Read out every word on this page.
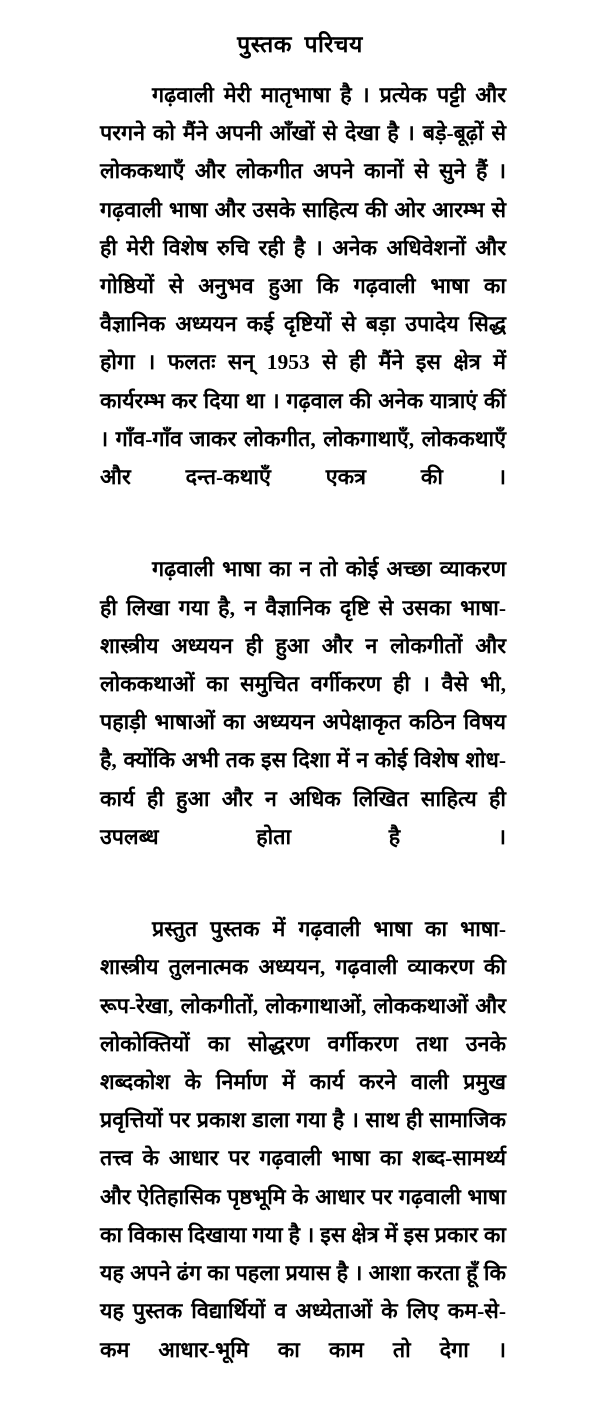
पुस्तक  परिचय

गढ़वाली मेरी मातृभाषा है । प्रत्येक पट्टी और परगने को मैंने अपनी आँखों से देखा है । बड़े-बूढ़ों से लोककथाएँ और लोकगीत अपने कानों से सुने हैं । गढ़वाली भाषा और उसके साहित्य की ओर आरम्भ से ही मेरी विशेष रुचि रही है । अनेक अधिवेशनों और गोष्ठियों से अनुभव हुआ कि गढ़वाली भाषा का वैज्ञानिक अध्ययन कई दृष्टियों से बड़ा उपादेय सिद्ध होगा । फलतः सन् 1953 से ही मैंने इस क्षेत्र में कार्यरम्भ कर दिया था । गढ़वाल की अनेक यात्राएं कीं । गाँव-गाँव जाकर लोकगीत, लोकगाथाएँ, लोककथाएँ और दन्त-कथाएँ एकत्र की ।

गढ़वाली भाषा का न तो कोई अच्छा व्याकरण ही लिखा गया है, न वैज्ञानिक दृष्टि से उसका भाषा-शास्त्रीय अध्ययन ही हुआ और न लोकगीतों और लोककथाओं का समुचित वर्गीकरण ही । वैसे भी, पहाड़ी भाषाओं का अध्ययन अपेक्षाकृत कठिन विषय है, क्योंकि अभी तक इस दिशा में न कोई विशेष शोध-कार्य ही हुआ और न अधिक लिखित साहित्य ही उपलब्ध होता है ।

प्रस्तुत पुस्तक में गढ़वाली भाषा का भाषा-शास्त्रीय तुलनात्मक अध्ययन, गढ़वाली व्याकरण की रूप-रेखा, लोकगीतों, लोकगाथाओं, लोककथाओं और लोकोक्तियों का सोद्धरण वर्गीकरण तथा उनके शब्दकोश के निर्माण में कार्य करने वाली प्रमुख प्रवृत्तियों पर प्रकाश डाला गया है । साथ ही सामाजिक तत्त्व के आधार पर गढ़वाली भाषा का शब्द-सामर्थ्य और ऐतिहासिक पृष्ठभूमि के आधार पर गढ़वाली भाषा का विकास दिखाया गया है । इस क्षेत्र में इस प्रकार का यह अपने ढंग का पहला प्रयास है । आशा करता हूँ कि यह पुस्तक विद्यार्थियों व अध्येताओं के लिए कम-से-कम आधार-भूमि का काम तो देगा ।
